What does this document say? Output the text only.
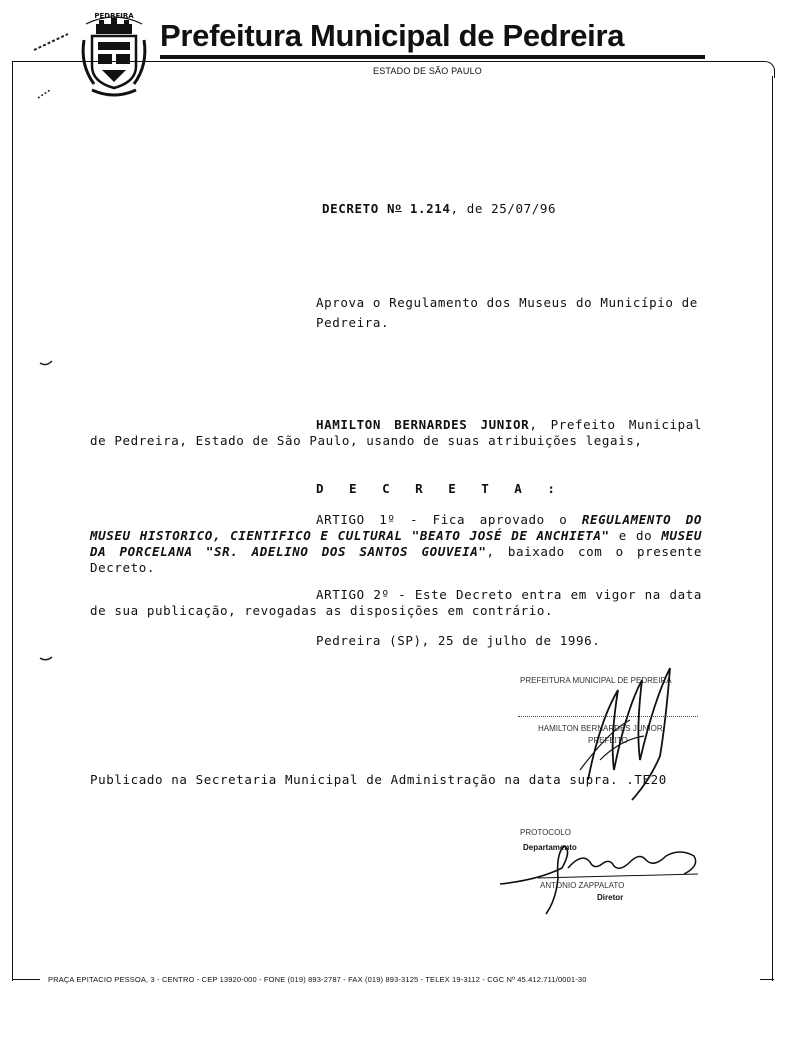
PEDREIRA
Prefeitura Municipal de Pedreira
ESTADO DE SÃO PAULO
DECRETO $N^o$ 1.214, de 25/07/96
Aprova o Regulamento dos Museus do Município de Pedreira.
HAMILTON BERNARDES JUNIOR, Prefeito Municipal de Pedreira, Estado de São Paulo, usando de suas atribuições legais,
D E C R E T A :
ARTIGO 1º - Fica aprovado o REGULAMENTO DO MUSEU HISTORICO, CIENTIFICO E CULTURAL "BEATO JOSÉ DE ANCHIETA" e do MUSEU DA PORCELANA "SR. ADELINO DOS SANTOS GOUVEIA", baixado com o presente Decreto.
ARTIGO 2º - Este Decreto entra em vigor na data de sua publicação, revogadas as disposições em contrário.
Pedreira (SP), 25 de julho de 1996.
PREFEITURA MUNICIPAL DE PEDREIRA
HAMILTON BERNARDES JUNIOR
PREFEITO
Publicado na Secretaria Municipal de Administração na data supra. .TE20
PROTOCOLO
Departamento
ANTONIO ZAPPALATO
Diretor
PRAÇA EPITACIO PESSOA, 3 - CENTRO - CEP 13920-000 - FONE (019) 893-2787 - FAX (019) 893-3125 - TELEX 19-3112 - CGC Nº 45.412.711/0001-30
